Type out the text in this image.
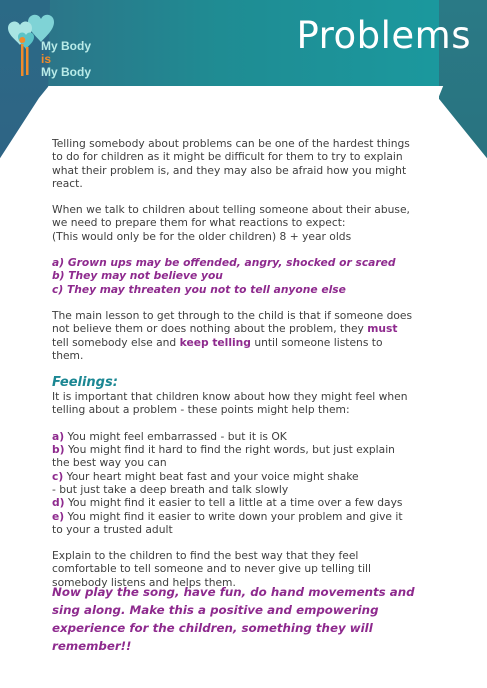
My Body
is
My Body
Problems

Telling somebody about problems can be one of the hardest things to do for children as it might be difficult for them to try to explain what their problem is, and they may also be afraid how you might react.

When we talk to children about telling someone about their abuse, we need to prepare them for what reactions to expect:
(This would only be for the older children) 8 + year olds

a) Grown ups may be offended, angry, shocked or scared
b) They may not believe you
c) They may threaten you not to tell anyone else

The main lesson to get through to the child is that if someone does not believe them or does nothing about the problem, they must tell somebody else and keep telling until someone listens to them.

Feelings:

It is important that children know about how they might feel when telling about a problem - these points might help them:

a) You might feel embarrassed - but it is OK
b) You might find it hard to find the right words, but just explain the best way you can
c) Your heart might beat fast and your voice might shake
- but just take a deep breath and talk slowly
d) You might find it easier to tell a little at a time over a few days
e) You might find it easier to write down your problem and give it to your a trusted adult

Explain to the children to find the best way that they feel comfortable to tell someone and to never give up telling till somebody listens and helps them.

Now play the song, have fun, do hand movements and sing along. Make this a positive and empowering experience for the children, something they will remember!!
